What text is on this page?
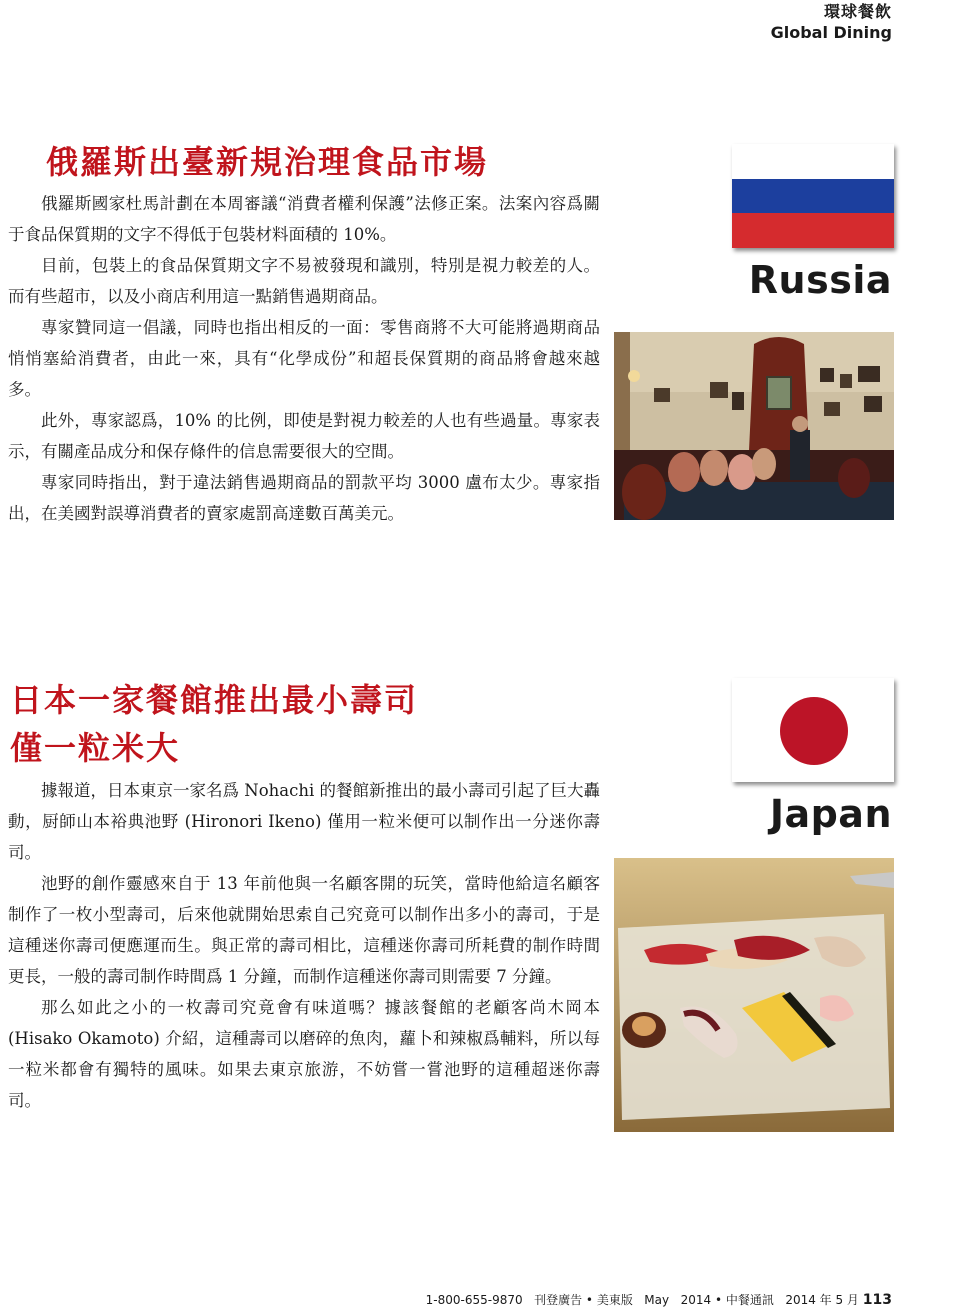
環球餐飲
Global Dining
俄羅斯出臺新規治理食品市場

俄羅斯國家杜馬計劃在本周審議“消費者權利保護”法修正案。法案內容爲關于食品保質期的文字不得低于包裝材料面積的 10%。

目前，包裝上的食品保質期文字不易被發現和識別，特別是視力較差的人。而有些超市，以及小商店利用這一點銷售過期商品。

專家贊同這一倡議，同時也指出相反的一面：零售商將不大可能將過期商品悄悄塞給消費者，由此一來，具有“化學成份”和超長保質期的商品將會越來越多。

此外，專家認爲，10% 的比例，即使是對視力較差的人也有些過量。專家表示，有關產品成分和保存條件的信息需要很大的空間。

專家同時指出，對于違法銷售過期商品的罰款平均 3000 盧布太少。專家指出，在美國對誤導消費者的賣家處罰高達數百萬美元。

Russia
日本一家餐館推出最小壽司
僅一粒米大

據報道，日本東京一家名爲 Nohachi 的餐館新推出的最小壽司引起了巨大轟動，厨師山本裕典池野 (Hironori Ikeno) 僅用一粒米便可以制作出一分迷你壽司。

池野的創作靈感來自于 13 年前他與一名顧客開的玩笑，當時他給這名顧客制作了一枚小型壽司，后來他就開始思索自己究竟可以制作出多小的壽司，于是這種迷你壽司便應運而生。與正常的壽司相比，這種迷你壽司所耗費的制作時間更長，一般的壽司制作時間爲 1 分鐘，而制作這種迷你壽司則需要 7 分鐘。

那么如此之小的一枚壽司究竟會有味道嗎？據該餐館的老顧客尚木岡本 (Hisako Okamoto) 介紹，這種壽司以磨碎的魚肉，蘿卜和辣椒爲輔料，所以每一粒米都會有獨特的風味。如果去東京旅游，不妨嘗一嘗池野的這種超迷你壽司。

Japan
1-800-655-9870 刊登廣告 • 美東版 May 2014 • 中餐通訊 2014 年 5 月 113
